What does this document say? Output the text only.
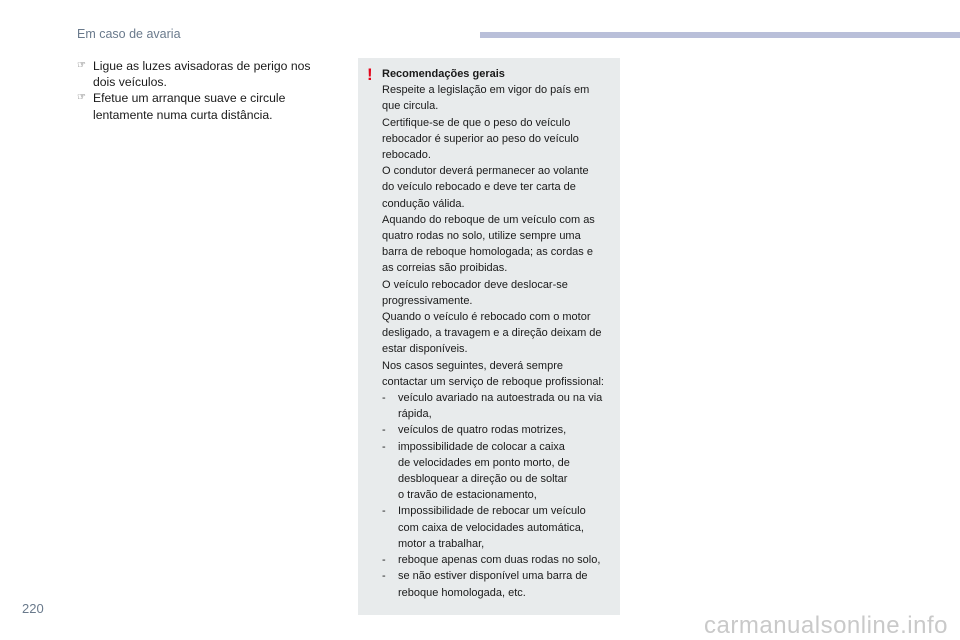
Em caso de avaria
☞ Ligue as luzes avisadoras de perigo nos
dois veículos.
☞ Efetue um arranque suave e circule
lentamente numa curta distância.
! Recomendações gerais
Respeite a legislação em vigor do país em
que circula.
Certifique-se de que o peso do veículo
rebocador é superior ao peso do veículo
rebocado.
O condutor deverá permanecer ao volante
do veículo rebocado e deve ter carta de
condução válida.
Aquando do reboque de um veículo com as
quatro rodas no solo, utilize sempre uma
barra de reboque homologada; as cordas e
as correias são proibidas.
O veículo rebocador deve deslocar-se
progressivamente.
Quando o veículo é rebocado com o motor
desligado, a travagem e a direção deixam de
estar disponíveis.
Nos casos seguintes, deverá sempre
contactar um serviço de reboque profissional:
- veículo avariado na autoestrada ou na via
rápida,
- veículos de quatro rodas motrizes,
- impossibilidade de colocar a caixa
de velocidades em ponto morto, de
desbloquear a direção ou de soltar
o travão de estacionamento,
- Impossibilidade de rebocar um veículo
com caixa de velocidades automática,
motor a trabalhar,
- reboque apenas com duas rodas no solo,
- se não estiver disponível uma barra de
reboque homologada, etc.
220
carmanualsonline.info
